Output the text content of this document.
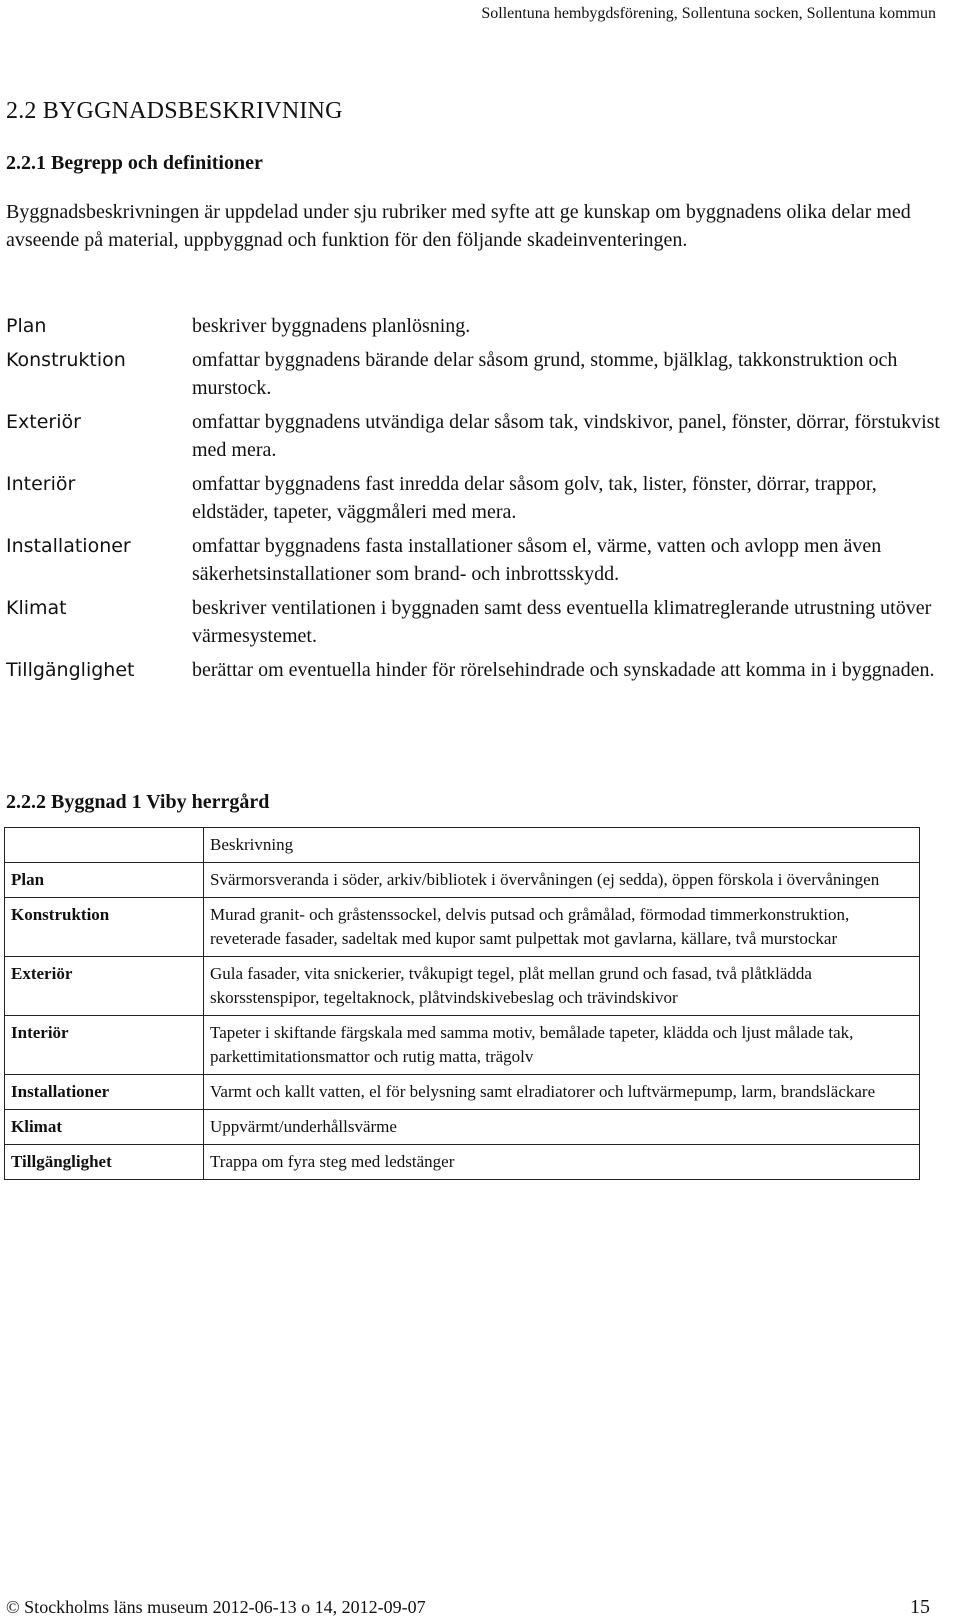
Sollentuna hembygdsförening, Sollentuna socken, Sollentuna kommun
2.2 BYGGNADSBESKRIVNING
2.2.1 Begrepp och definitioner

Byggnadsbeskrivningen är uppdelad under sju rubriker med syfte att ge kunskap om byggnadens olika delar med avseende på material, uppbyggnad och funktion för den följande skadeinventeringen.

Plan	beskriver byggnadens planlösning.
Konstruktion	omfattar byggnadens bärande delar såsom grund, stomme, bjälklag, takkonstruktion och murstock.
Exteriör	omfattar byggnadens utvändiga delar såsom tak, vindskivor, panel, fönster, dörrar, förstukvist med mera.
Interiör	omfattar byggnadens fast inredda delar såsom golv, tak, lister, fönster, dörrar, trappor, eldstäder, tapeter, väggmåleri med mera.
Installationer	omfattar byggnadens fasta installationer såsom el, värme, vatten och avlopp men även säkerhetsinstallationer som brand- och inbrottsskydd.
Klimat	beskriver ventilationen i byggnaden samt dess eventuella klimatreglerande utrustning utöver värmesystemet.
Tillgänglighet	berättar om eventuella hinder för rörelsehindrade och synskadade att komma in i byggnaden.
2.2.2 Byggnad 1 Viby herrgård
	Beskrivning
Plan	Svärmorsveranda i söder, arkiv/bibliotek i övervåningen (ej sedda), öppen förskola i övervåningen
Konstruktion	Murad granit- och gråstenssockel, delvis putsad och gråmålad, förmodad timmerkonstruktion, reveterade fasader, sadeltak med kupor samt pulpettak mot gavlarna, källare, två murstockar
Exteriör	Gula fasader, vita snickerier, tvåkupigt tegel, plåt mellan grund och fasad, två plåtklädda skorsstenspipor, tegeltaknock, plåtvindskivebeslag och trävindskivor
Interiör	Tapeter i skiftande färgskala med samma motiv, bemålade tapeter, klädda och ljust målade tak, parkettimitationsmattor och rutig matta, trägolv
Installationer	Varmt och kallt vatten, el för belysning samt elradiatorer och luftvärmepump, larm, brandsläckare
Klimat	Uppvärmt/underhållsvärme
Tillgänglighet	Trappa om fyra steg med ledstänger
© Stockholms läns museum 2012-06-13 o 14, 2012-09-07	15
